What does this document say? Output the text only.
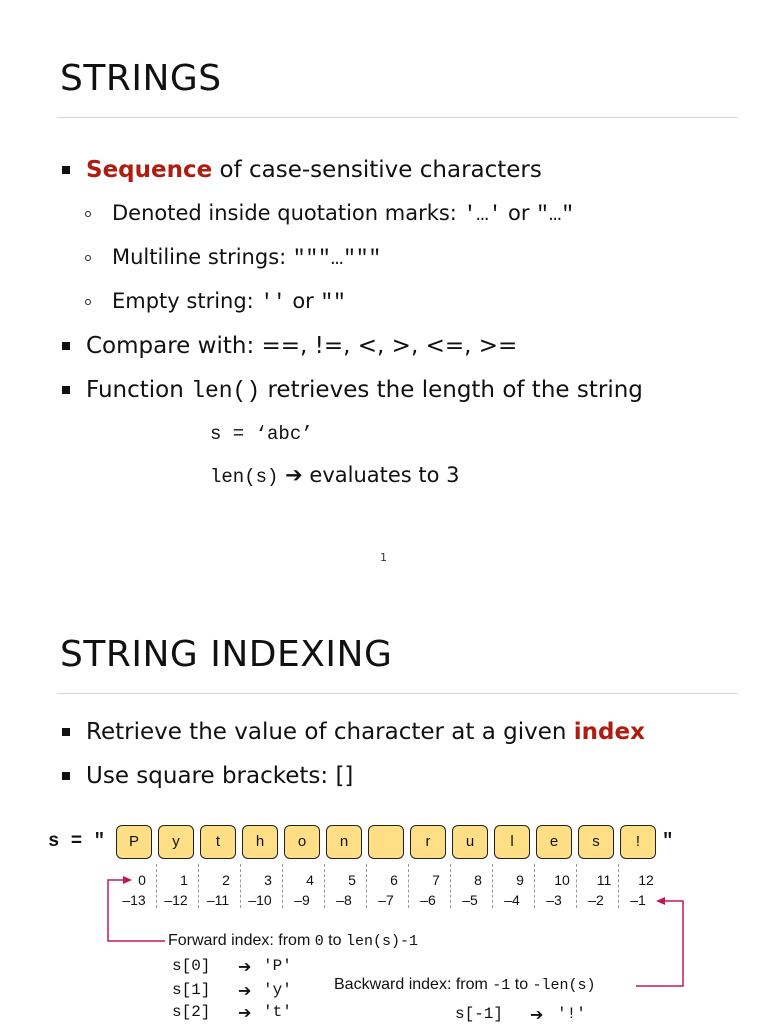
STRINGS
Sequence of case-sensitive characters
Denoted inside quotation marks: '…' or "…"
Multiline strings: """…"""
Empty string: '' or ""
Compare with: ==, !=, <, >, <=, >=
Function len() retrieves the length of the string
s = ‘abc’
len(s) ➔ evaluates to 3
1
STRING INDEXING
Retrieve the value of character at a given index
Use square brackets: []
s = "	"
P
0
–13
y
1
–12
t
2
–11
h
3
–10
o
4
–9
n
5
–8
6
–7
r
7
–6
u
8
–5
l
9
–4
e
10
–3
s
11
–2
!
12
–1
Forward index: from 0 to len(s)-1
Backward index: from -1 to -len(s)
s[0] ➔ 'P'
s[1] ➔ 'y'
s[2] ➔ 't'	s[-1] ➔ '!'
